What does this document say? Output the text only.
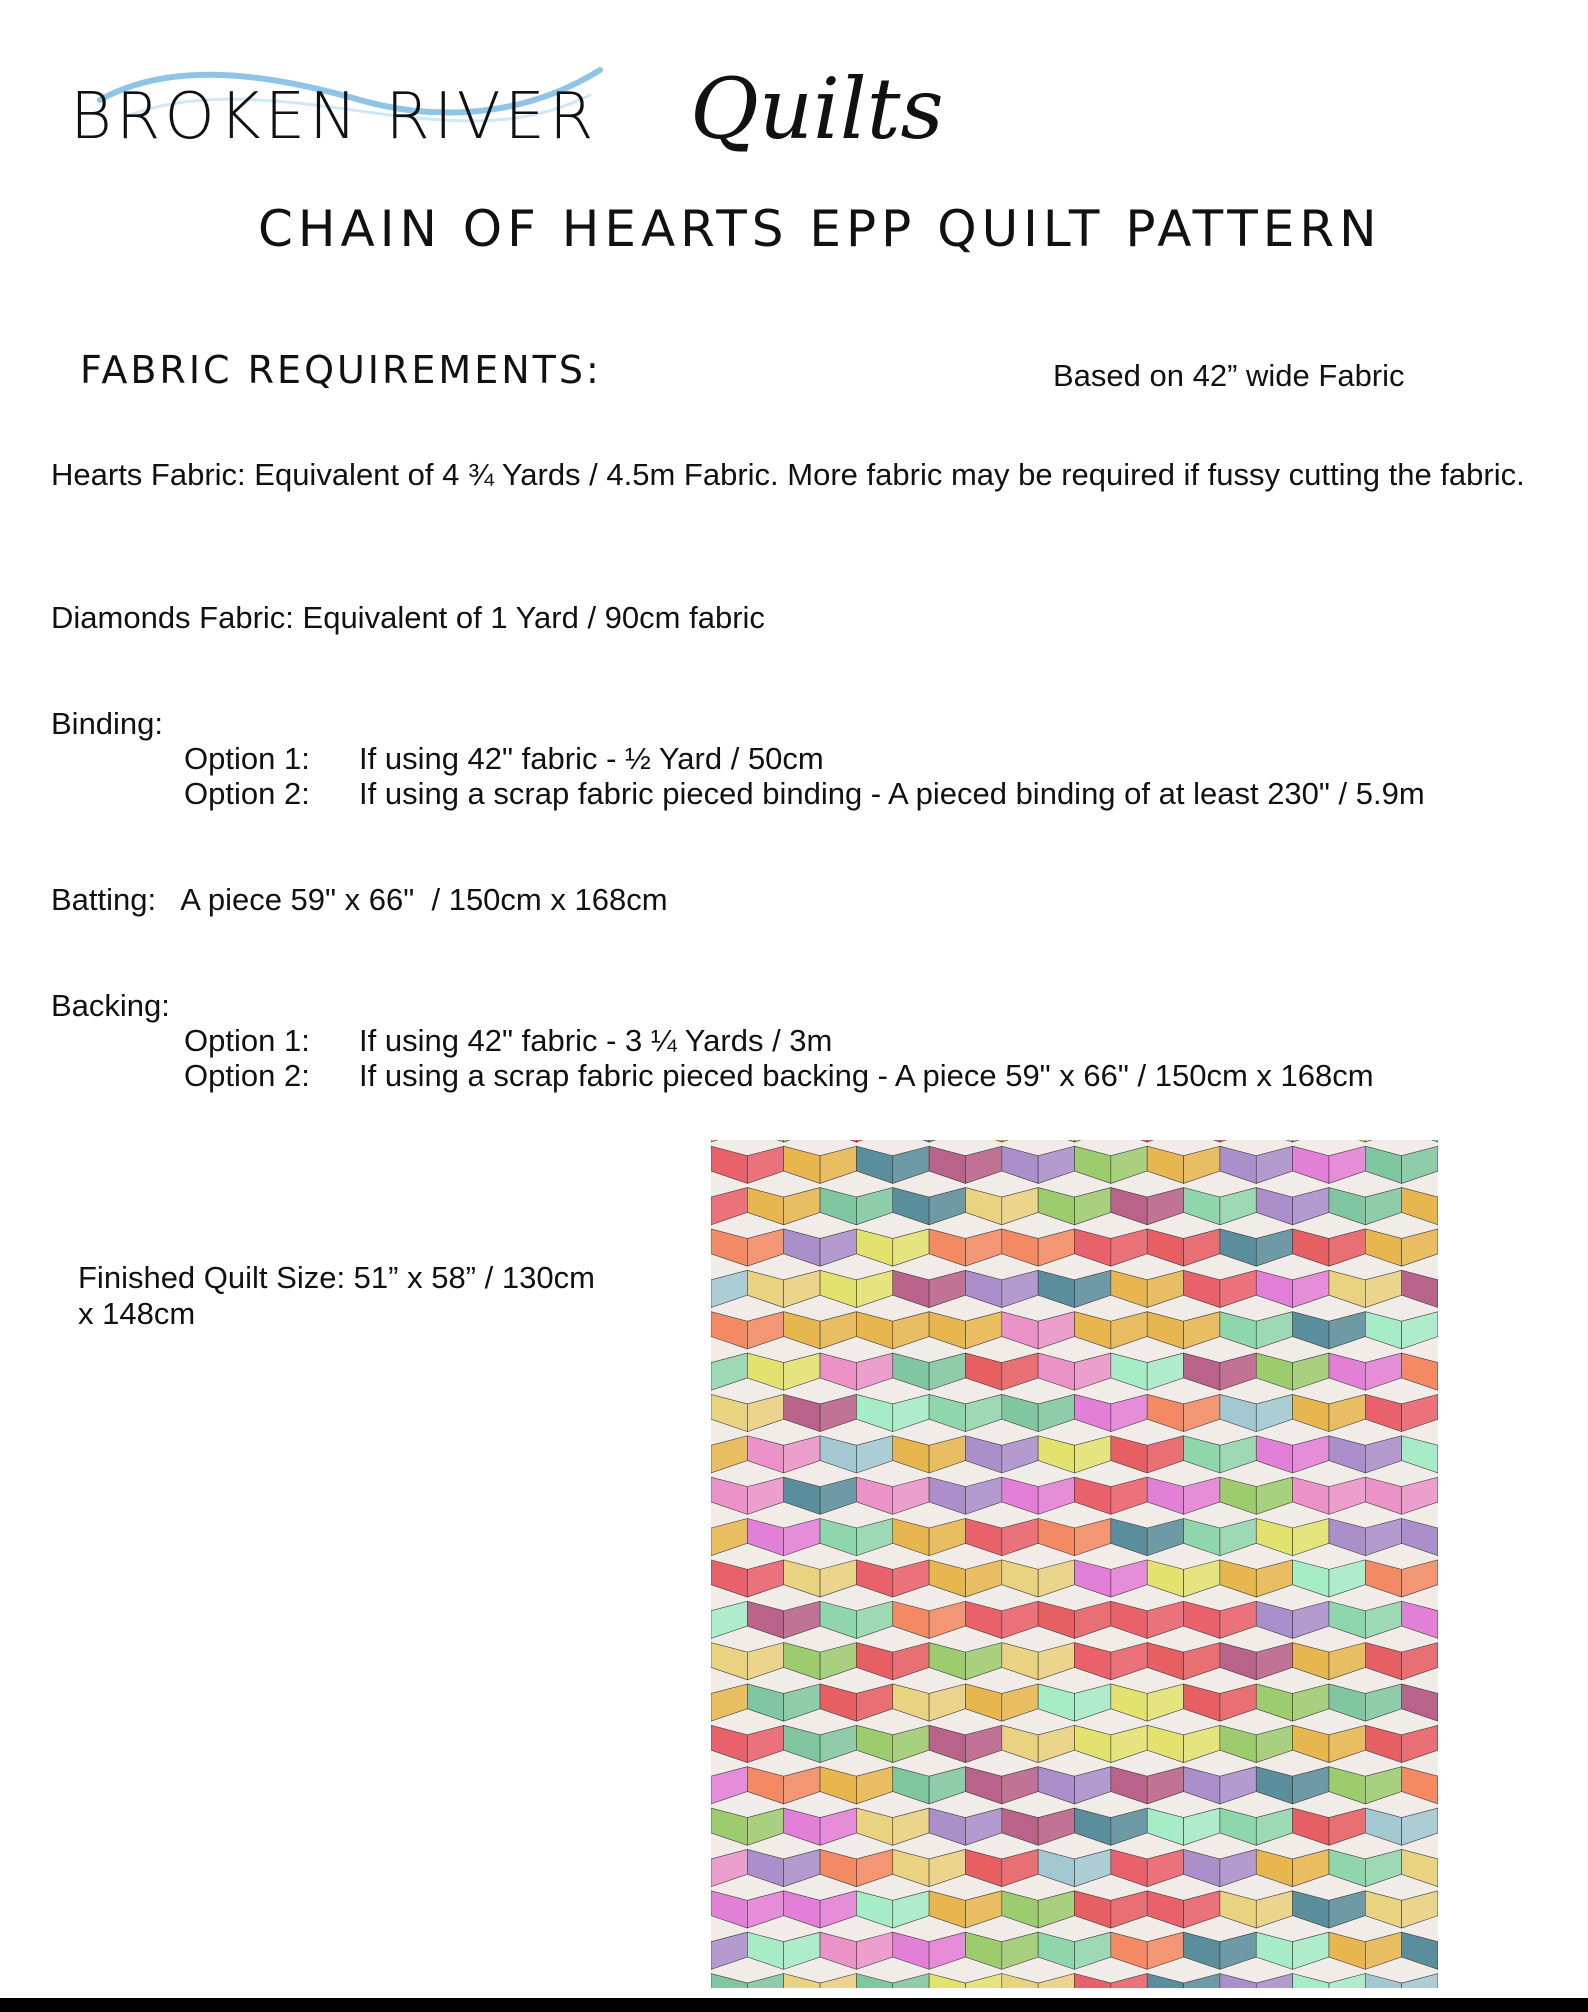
BROKEN RIVER Quilts
CHAIN OF HEARTS EPP QUILT PATTERN
FABRIC REQUIREMENTS:	Based on 42” wide Fabric
Hearts Fabric: Equivalent of 4 ¾ Yards / 4.5m Fabric. More fabric may be required if fussy cutting the fabric.
Diamonds Fabric: Equivalent of 1 Yard / 90cm fabric
Binding:
Option 1: If using 42" fabric - ½ Yard / 50cm
Option 2: If using a scrap fabric pieced binding - A pieced binding of at least 230" / 5.9m
Batting:   A piece 59" x 66"  / 150cm x 168cm
Backing:
Option 1: If using 42" fabric - 3 ¼ Yards / 3m
Option 2: If using a scrap fabric pieced backing - A piece 59" x 66" / 150cm x 168cm
Finished Quilt Size: 51” x 58” / 130cm x 148cm
